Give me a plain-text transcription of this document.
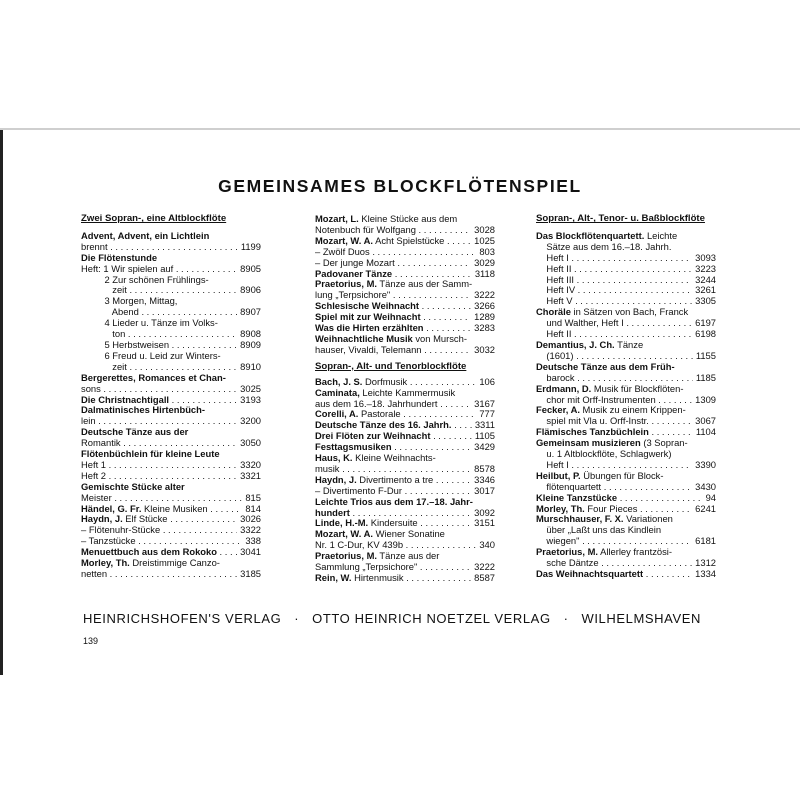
GEMEINSAMES BLOCKFLÖTENSPIEL
Zwei Sopran-, eine Altblockflöte
Advent, Advent, ein Lichtlein
brennt . . .	1199
Die Flötenstunde
Heft: 1 Wir spielen auf . . .	8905
2 Zur schönen Frühlings-
zeit . . .	8906
3 Morgen, Mittag,
Abend . . .	8907
4 Lieder u. Tänze im Volks-
ton . . .	8908
5 Herbstweisen . . .	8909
6 Freud u. Leid zur Winters-
zeit . . .	8910
Bergerettes, Romances et Chan-
sons . . .	3025
Die Christnachtigall . . .	3193
Dalmatinisches Hirtenbüch-
lein . . .	3200
Deutsche Tänze aus der
Romantik . . .	3050
Flötenbüchlein für kleine Leute
Heft 1 . . .	3320
Heft 2 . . .	3321
Gemischte Stücke alter
Meister . . .	815
Händel, G. Fr. Kleine Musiken . . .	814
Haydn, J. Elf Stücke . . .	3026
– Flötenuhr-Stücke . . .	3322
– Tanzstücke . . .	338
Menuettbuch aus dem Rokoko . . .	3041
Morley, Th. Dreistimmige Canzo-
netten . . .	3185
Mozart, L. Kleine Stücke aus dem
Notenbuch für Wolfgang . . .	3028
Mozart, W. A. Acht Spielstücke . . .	1025
– Zwölf Duos . . .	803
– Der junge Mozart . . .	3029
Padovaner Tänze . . .	3118
Praetorius, M. Tänze aus der Samm-
lung „Terpsichore" . . .	3222
Schlesische Weihnacht . . .	3266
Spiel mit zur Weihnacht . . .	1289
Was die Hirten erzählten . . .	3283
Weihnachtliche Musik von Mursch-
hauser, Vivaldi, Telemann . . .	3032
Sopran-, Alt- und Tenorblockflöte
Bach, J. S. Dorfmusik . . .	106
Caminata, Leichte Kammermusik
aus dem 16.–18. Jahrhundert . . .	3167
Corelli, A. Pastorale . . .	777
Deutsche Tänze des 16. Jahrh. . . .	3311
Drei Flöten zur Weihnacht . . .	1105
Festtagsmusiken . . .	3429
Haus, K. Kleine Weihnachts-
musik . . .	8578
Haydn, J. Divertimento a tre . . .	3346
– Divertimento F-Dur . . .	3017
Leichte Trios aus dem 17.–18. Jahr-
hundert . . .	3092
Linde, H.-M. Kindersuite . . .	3151
Mozart, W. A. Wiener Sonatine
Nr. 1 C-Dur, KV 439b . . .	340
Praetorius, M. Tänze aus der
Sammlung „Terpsichore" . . .	3222
Rein, W. Hirtenmusik . . .	8587
Sopran-, Alt-, Tenor- u. Baßblockflöte
Das Blockflötenquartett. Leichte
Sätze aus dem 16.–18. Jahrh.
Heft I . . .	3093
Heft II . . .	3223
Heft III . . .	3244
Heft IV . . .	3261
Heft V . . .	3305
Choräle in Sätzen von Bach, Franck
und Walther, Heft I . . .	6197
Heft II . . .	6198
Demantius, J. Ch. Tänze
(1601) . . .	1155
Deutsche Tänze aus dem Früh-
barock . . .	1185
Erdmann, D. Musik für Blockflöten-
chor mit Orff-Instrumenten . . .	1309
Fecker, A. Musik zu einem Krippen-
spiel mit Vla u. Orff-Instr. . . .	3067
Flämisches Tanzbüchlein . . .	1104
Gemeinsam musizieren (3 Sopran-
u. 1 Altblockflöte, Schlagwerk)
Heft I . . .	3390
Heilbut, P. Übungen für Block-
flötenquartett . . .	3430
Kleine Tanzstücke . . .	94
Morley, Th. Four Pieces . . .	6241
Murschhauser, F. X. Variationen
über „Laßt uns das Kindlein
wiegen" . . .	6181
Praetorius, M. Allerley frantzösi-
sche Däntze . . .	1312
Das Weihnachtsquartett . . .	1334
HEINRICHSHOFEN'S VERLAG · OTTO HEINRICH NOETZEL VERLAG · WILHELMSHAVEN
139
